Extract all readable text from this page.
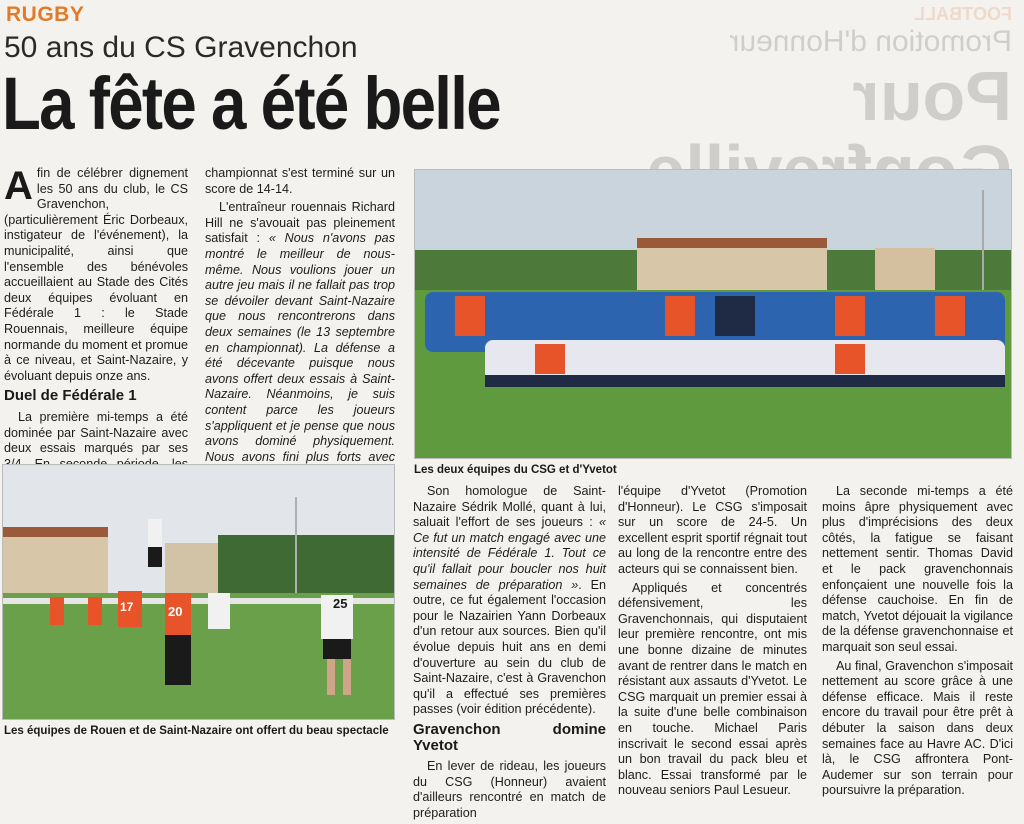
FOOTBALL
Promotion d'Honneur
Pour
RUGBY
50 ans du CS Gravenchon
La fête a été belle

Afin de célébrer dignement les 50 ans du club, le CS Gravenchon, (particulièrement Éric Dorbeaux, instigateur de l'événement), la municipalité, ainsi que l'ensemble des bénévoles accueillaient au Stade des Cités deux équipes évoluant en Fédérale 1 : le Stade Rouennais, meilleure équipe normande du moment et promue à ce niveau, et Saint-Nazaire, y évoluant depuis onze ans.

Duel de Fédérale 1

La première mi-temps a été dominée par Saint-Nazaire avec deux essais marqués par ses

championnat s'est terminé sur un score de 14-14.

L'entraîneur rouennais Richard Hill ne s'avouait pas pleinement satisfait : « Nous n'avons pas montré le meilleur de nous-même. Nous voulions jouer un autre jeu mais il ne fallait pas trop se dévoiler devant Saint-Nazaire que nous rencontrerons dans deux semaines (le 13 septembre en championnat). La défense a été décevante puisque nous avons offert deux essais à Saint-Nazaire. Néanmoins, je suis content parce les joueurs s'appliquent et je pense que nous avons dominé physiquement. Nous avons fini plus forts avec

Les deux équipes du CSG et d'Yvetot
25
20
17
Les équipes de Rouen et de Saint-Nazaire ont offert du beau spectacle

Son homologue de Saint-Nazaire Sédrik Mollé, quant à lui, saluait l'effort de ses joueurs : « Ce fut un match engagé avec une intensité de Fédérale 1. Tout ce qu'il fallait pour boucler nos huit semaines de préparation ». En outre, ce fut également l'occasion pour le Nazairien Yann Dorbeaux d'un retour aux sources. Bien qu'il évolue depuis huit ans en demi d'ouverture au sein du club de Saint-Nazaire, c'est à Gravenchon qu'il a effectué ses premières passes (voir édition précédente).

Gravenchon domine Yvetot

En lever de rideau, les joueurs du CSG (Honneur) avaient d'ailleurs rencontré en match de préparation

l'équipe d'Yvetot (Promotion d'Honneur). Le CSG s'imposait sur un score de 24-5. Un excellent esprit sportif régnait tout au long de la rencontre entre des acteurs qui se connaissent bien.

Appliqués et concentrés défensivement, les Gravenchonnais, qui disputaient leur première rencontre, ont mis une bonne dizaine de minutes avant de rentrer dans le match en résistant aux assauts d'Yvetot. Le CSG marquait un premier essai à la suite d'une belle combinaison en touche. Michael Paris inscrivait le second essai après un bon travail du pack bleu et blanc. Essai transformé par le nouveau seniors Paul Lesueur.

La seconde mi-temps a été moins âpre physiquement avec plus d'imprécisions des deux côtés, la fatigue se faisant nettement sentir. Thomas David et le pack gravenchonnais enfonçaient une nouvelle fois la défense cauchoise. En fin de match, Yvetot déjouait la vigilance de la défense gravenchonnaise et marquait son seul essai.

Au final, Gravenchon s'imposait nettement au score grâce à une défense efficace. Mais il reste encore du travail pour être prêt à débuter la saison dans deux semaines face au Havre AC. D'ici là, le CSG affrontera Pont-Audemer sur son terrain pour poursuivre la préparation.
